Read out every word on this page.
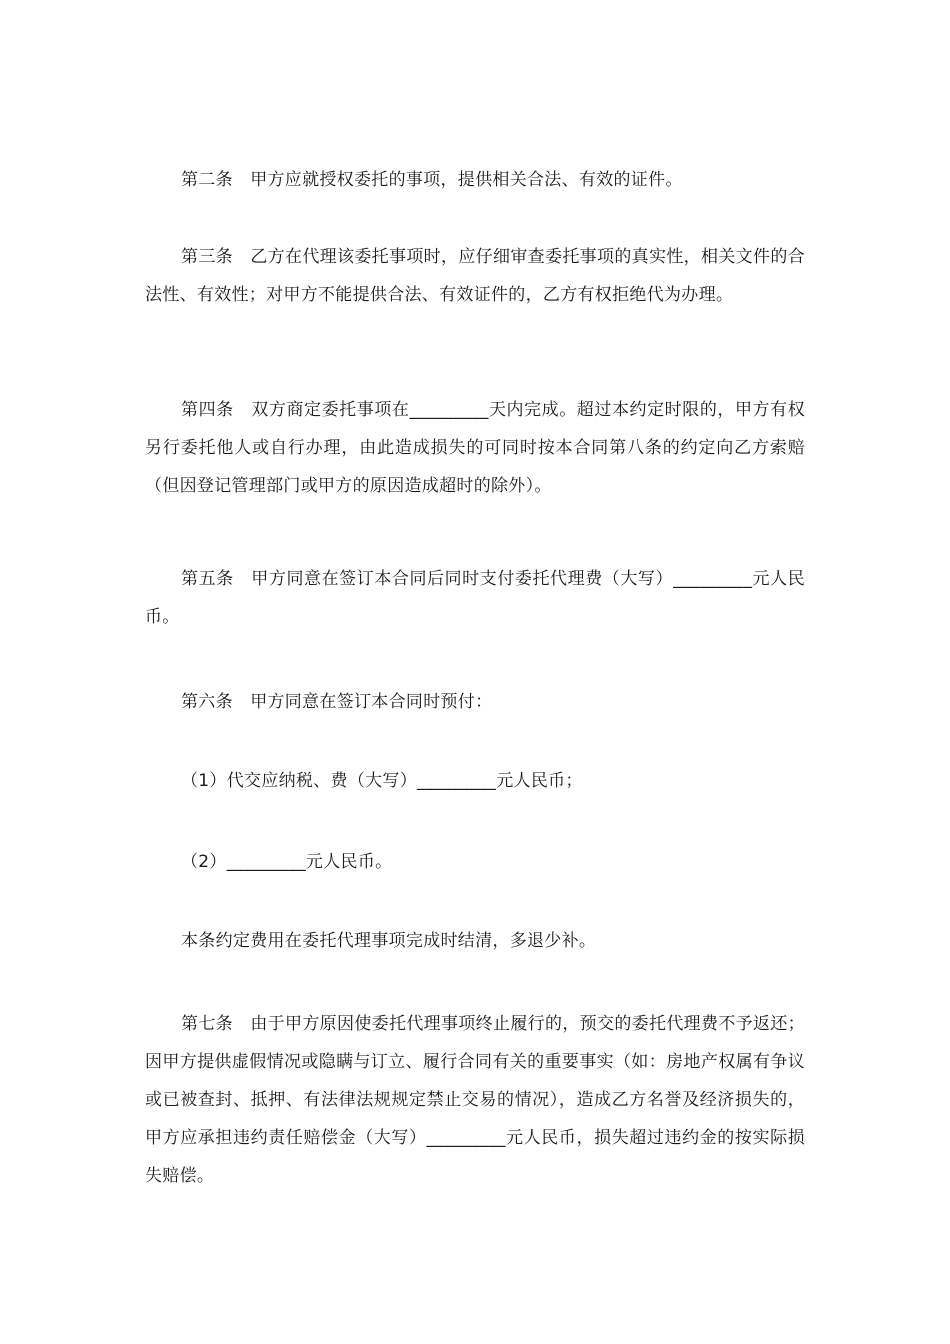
第二条　甲方应就授权委托的事项，提供相关合法、有效的证件。

第三条　乙方在代理该委托事项时，应仔细审查委托事项的真实性，相关文件的合法性、有效性；对甲方不能提供合法、有效证件的，乙方有权拒绝代为办理。

第四条　双方商定委托事项在_________天内完成。超过本约定时限的，甲方有权另行委托他人或自行办理，由此造成损失的可同时按本合同第八条的约定向乙方索赔（但因登记管理部门或甲方的原因造成超时的除外）。

第五条　甲方同意在签订本合同后同时支付委托代理费（大写）_________元人民币。

第六条　甲方同意在签订本合同时预付：

（1）代交应纳税、费（大写）_________元人民币；

（2）_________元人民币。

本条约定费用在委托代理事项完成时结清，多退少补。

第七条　由于甲方原因使委托代理事项终止履行的，预交的委托代理费不予返还；因甲方提供虚假情况或隐瞒与订立、履行合同有关的重要事实（如：房地产权属有争议或已被查封、抵押、有法律法规规定禁止交易的情况），造成乙方名誉及经济损失的，甲方应承担违约责任赔偿金（大写）_________元人民币，损失超过违约金的按实际损失赔偿。
